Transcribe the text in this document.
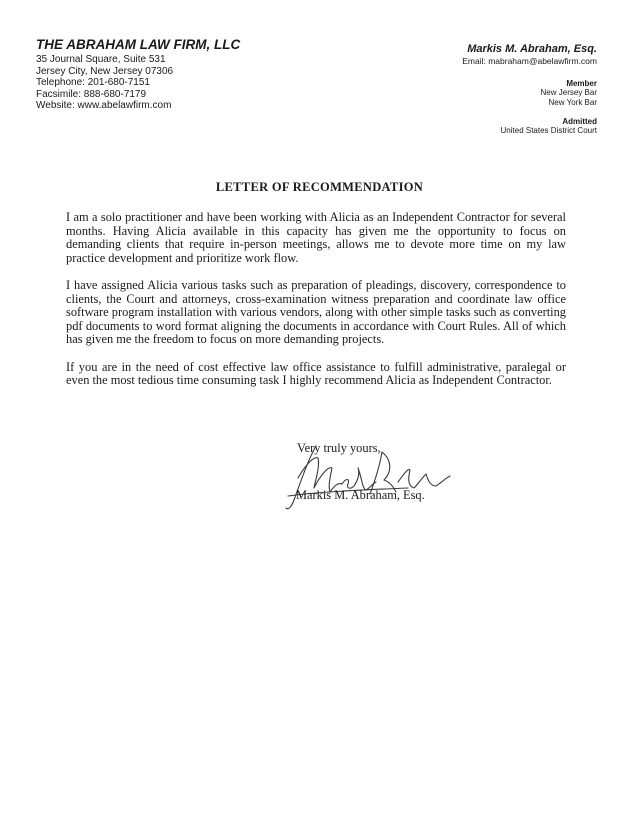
THE ABRAHAM LAW FIRM, LLC
35 Journal Square, Suite 531
Jersey City, New Jersey 07306
Telephone: 201-680-7151
Facsimile: 888-680-7179
Website: www.abelawfirm.com
Markis M. Abraham, Esq.
Email: mabraham@abelawfirm.com
Member
New Jersey Bar
New York Bar
Admitted
United States District Court
LETTER OF RECOMMENDATION

I am a solo practitioner and have been working with Alicia as an Independent Contractor for several months. Having Alicia available in this capacity has given me the opportunity to focus on demanding clients that require in-person meetings, allows me to devote more time on my law practice development and prioritize work flow.

I have assigned Alicia various tasks such as preparation of pleadings, discovery, correspondence to clients, the Court and attorneys, cross-examination witness preparation and coordinate law office software program installation with various vendors, along with other simple tasks such as converting pdf documents to word format aligning the documents in accordance with Court Rules. All of which has given me the freedom to focus on more demanding projects.

If you are in the need of cost effective law office assistance to fulfill administrative, paralegal or even the most tedious time consuming task I highly recommend Alicia as Independent Contractor.

Very truly yours,
Markis M. Abraham, Esq.
